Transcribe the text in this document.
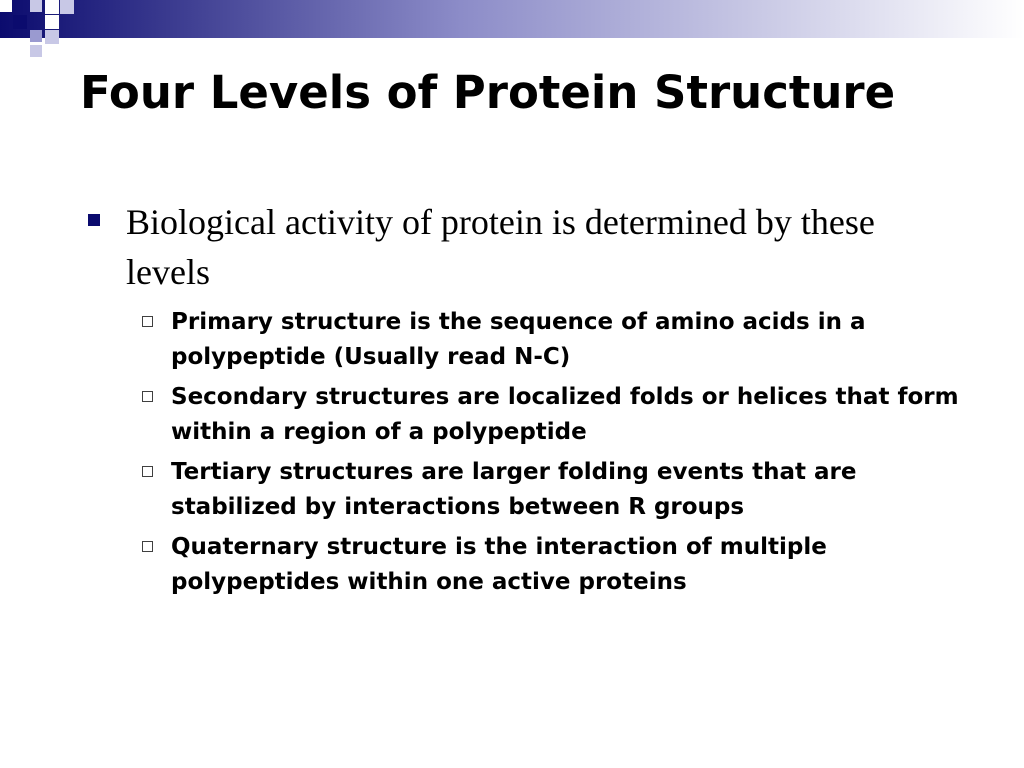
Four Levels of Protein Structure
Biological activity of protein is determined by these levels
Primary structure is the sequence of amino acids in a polypeptide (Usually read N-C)
Secondary structures are localized folds or helices that form within a region of a polypeptide
Tertiary structures are larger folding events that are stabilized by interactions between R groups
Quaternary structure is the interaction of multiple polypeptides within one active proteins
